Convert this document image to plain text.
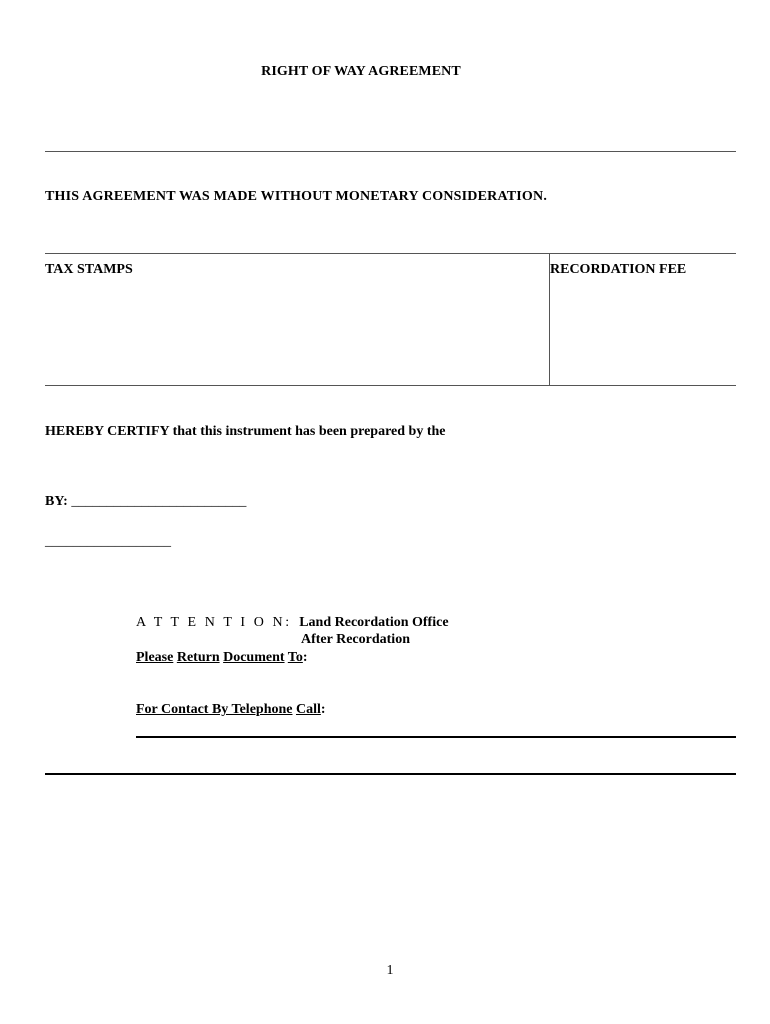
RIGHT OF WAY AGREEMENT
THIS AGREEMENT WAS MADE WITHOUT MONETARY CONSIDERATION.
TAX STAMPS	RECORDATION FEE
HEREBY CERTIFY that this instrument has been prepared by the
BY: _________________________
__________________
A T T E N T I O N: Land Recordation Office
After Recordation
Please Return Document To:
For Contact By Telephone Call:
1
